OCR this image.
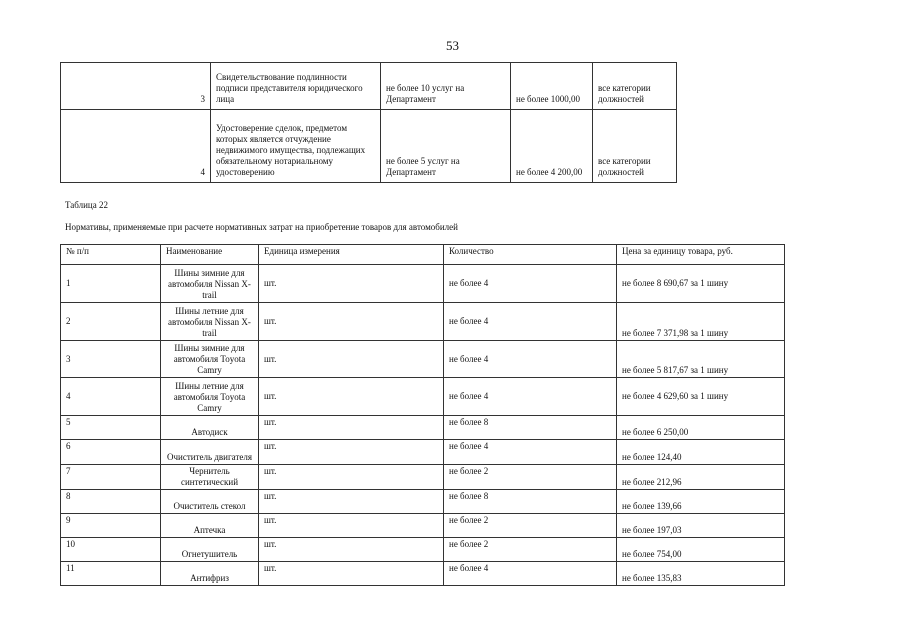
53
3	Свидетельствование подлинности подписи представителя юридического лица	не более 10 услуг на Департамент	не более 1000,00	все категории должностей
4	Удостоверение сделок, предметом которых является отчуждение недвижимого имущества, подлежащих обязательному нотариальному удостоверению	не более 5 услуг на Департамент	не более 4 200,00	все категории должностей
Таблица 22
Нормативы, применяемые при расчете нормативных затрат на приобретение товаров для автомобилей
№ п/п	Наименование	Единица измерения	Количество	Цена за единицу товара, руб.
1	Шины зимние для автомобиля Nissan X-trail	шт.	не более 4	не более 8 690,67 за 1 шину
2	Шины летние для автомобиля Nissan X-trail	шт.	не более 4	не более 7 371,98 за 1 шину
3	Шины зимние для автомобиля Toyota Camry	шт.	не более 4	не более 5 817,67 за 1 шину
4	Шины летние для автомобиля Toyota Camry	шт.	не более 4	не более 4 629,60 за 1 шину
5	Автодиск	шт.	не более 8	не более 6 250,00
6	Очиститель двигателя	шт.	не более 4	не более 124,40
7	Чернитель синтетический	шт.	не более 2	не более 212,96
8	Очиститель стекол	шт.	не более 8	не более 139,66
9	Аптечка	шт.	не более 2	не более 197,03
10	Огнетушитель	шт.	не более 2	не более 754,00
11	Антифриз	шт.	не более 4	не более 135,83
